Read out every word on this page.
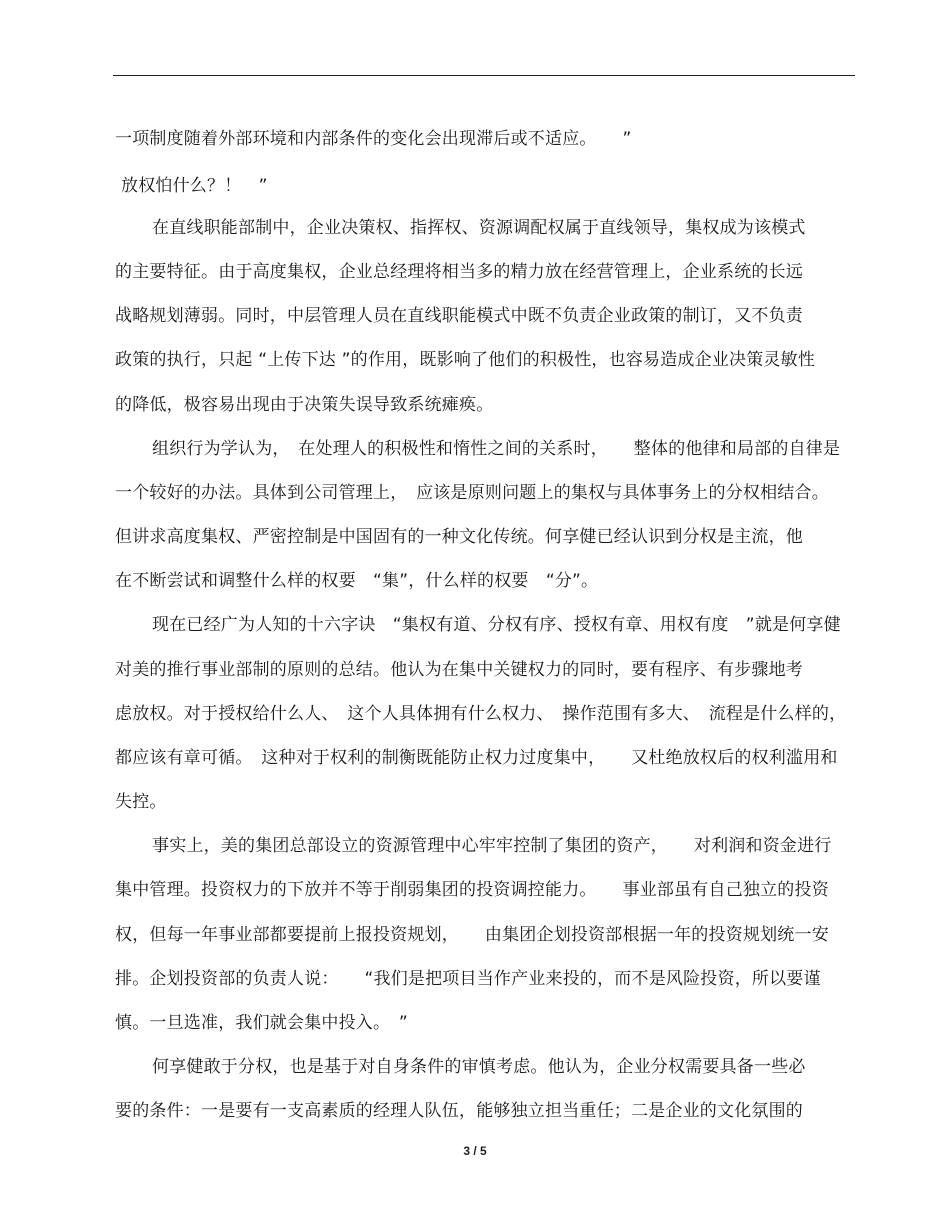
一项制度随着外部环境和内部条件的变化会出现滞后或不适应。　　”
放权怕什么？！　”
在直线职能部制中，企业决策权、指挥权、资源调配权属于直线领导，集权成为该模式
的主要特征。由于高度集权，企业总经理将相当多的精力放在经营管理上，企业系统的长远
战略规划薄弱。同时，中层管理人员在直线职能模式中既不负责企业政策的制订，又不负责
政策的执行，只起 “上传下达 ”的作用，既影响了他们的积极性，也容易造成企业决策灵敏性
的降低，极容易出现由于决策失误导致系统瘫痪。
组织行为学认为，　在处理人的积极性和惰性之间的关系时，　　整体的他律和局部的自律是
一个较好的办法。具体到公司管理上，　应该是原则问题上的集权与具体事务上的分权相结合。
但讲求高度集权、严密控制是中国固有的一种文化传统。何享健已经认识到分权是主流，他
在不断尝试和调整什么样的权要　“集”，什么样的权要　“分”。
现在已经广为人知的十六字诀　“集权有道、分权有序、授权有章、用权有度　”就是何享健
对美的推行事业部制的原则的总结。他认为在集中关键权力的同时，要有程序、有步骤地考
虑放权。对于授权给什么人、　这个人具体拥有什么权力、　操作范围有多大、　流程是什么样的，
都应该有章可循。　这种对于权利的制衡既能防止权力过度集中，　　又杜绝放权后的权利滥用和
失控。
事实上，美的集团总部设立的资源管理中心牢牢控制了集团的资产，　　对利润和资金进行
集中管理。投资权力的下放并不等于削弱集团的投资调控能力。　　事业部虽有自己独立的投资
权，但每一年事业部都要提前上报投资规划，　　由集团企划投资部根据一年的投资规划统一安
排。企划投资部的负责人说：　　“我们是把项目当作产业来投的，而不是风险投资，所以要谨
慎。一旦选准，我们就会集中投入。　”
何享健敢于分权，也是基于对自身条件的审慎考虑。他认为，企业分权需要具备一些必
要的条件：一是要有一支高素质的经理人队伍，能够独立担当重任；二是企业的文化氛围的
3 / 5
